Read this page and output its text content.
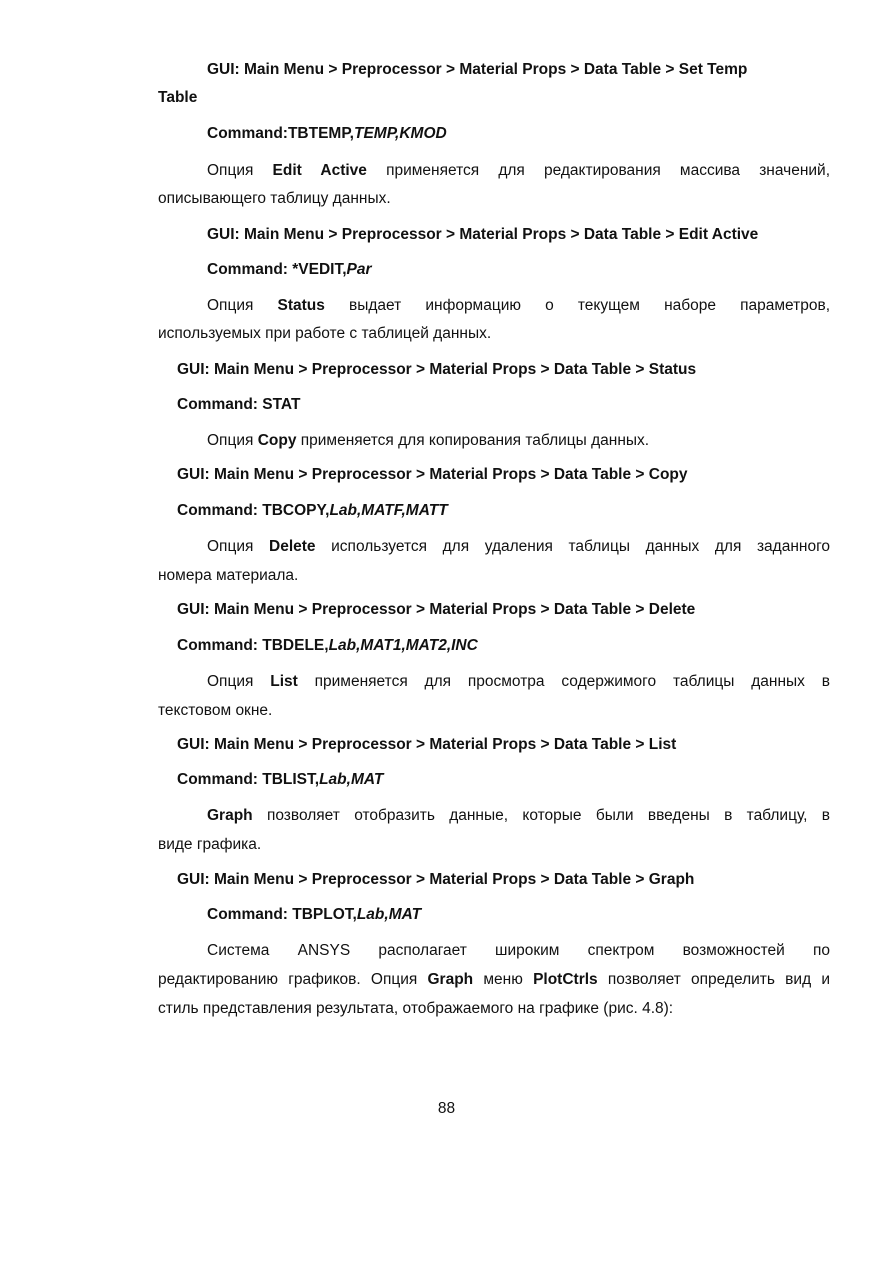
GUI: Main Menu > Preprocessor > Material Props > Data Table > Set Temp
Table
Command:TBTEMP,TEMP,KMOD
Опция Edit Active применяется для редактирования массива значений,
описывающего таблицу данных.
GUI: Main Menu > Preprocessor > Material Props > Data Table > Edit Active
Command: *VEDIT,Par
Опция Status выдает информацию о текущем наборе параметров,
используемых при работе с таблицей данных.
GUI: Main Menu > Preprocessor > Material Props > Data Table > Status
Command: STAT
Опция Copy применяется для копирования таблицы данных.
GUI: Main Menu > Preprocessor > Material Props > Data Table > Copy
Command: TBCOPY,Lab,MATF,MATT
Опция Delete используется для удаления таблицы данных для заданного
номера материала.
GUI: Main Menu > Preprocessor > Material Props > Data Table > Delete
Command: TBDELE,Lab,MAT1,MAT2,INC
Опция List применяется для просмотра содержимого таблицы данных в
текстовом окне.
GUI: Main Menu > Preprocessor > Material Props > Data Table > List
Command: TBLIST,Lab,MAT
Graph позволяет отобразить данные, которые были введены в таблицу, в
виде графика.
GUI: Main Menu > Preprocessor > Material Props > Data Table > Graph
Command: TBPLOT,Lab,MAT
Система ANSYS располагает широким спектром возможностей по
редактированию графиков. Опция Graph меню PlotCtrls позволяет определить вид и
стиль представления результата, отображаемого на графике (рис. 4.8):
88
